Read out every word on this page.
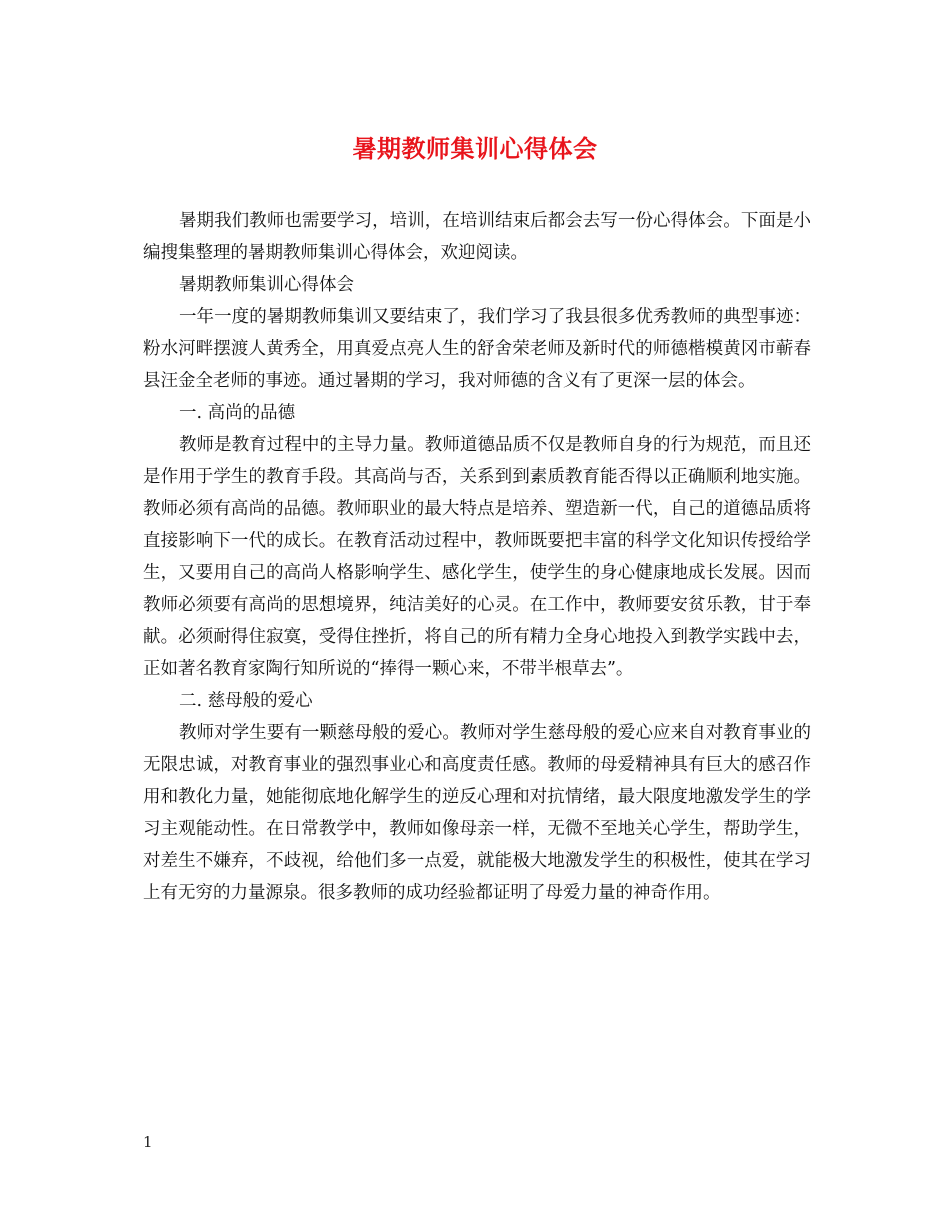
暑期教师集训心得体会

暑期我们教师也需要学习，培训，在培训结束后都会去写一份心得体会。下面是小编搜集整理的暑期教师集训心得体会，欢迎阅读。

暑期教师集训心得体会

一年一度的暑期教师集训又要结束了，我们学习了我县很多优秀教师的典型事迹：粉水河畔摆渡人黄秀全，用真爱点亮人生的舒舍荣老师及新时代的师德楷模黄冈市蕲春县汪金全老师的事迹。通过暑期的学习，我对师德的含义有了更深一层的体会。

一. 高尚的品德

教师是教育过程中的主导力量。教师道德品质不仅是教师自身的行为规范，而且还是作用于学生的教育手段。其高尚与否，关系到到素质教育能否得以正确顺利地实施。教师必须有高尚的品德。教师职业的最大特点是培养、塑造新一代，自己的道德品质将直接影响下一代的成长。在教育活动过程中，教师既要把丰富的科学文化知识传授给学生，又要用自己的高尚人格影响学生、感化学生，使学生的身心健康地成长发展。因而教师必须要有高尚的思想境界，纯洁美好的心灵。在工作中，教师要安贫乐教，甘于奉献。必须耐得住寂寞，受得住挫折，将自己的所有精力全身心地投入到教学实践中去，正如著名教育家陶行知所说的“捧得一颗心来，不带半根草去”。

二. 慈母般的爱心

教师对学生要有一颗慈母般的爱心。教师对学生慈母般的爱心应来自对教育事业的无限忠诚，对教育事业的强烈事业心和高度责任感。教师的母爱精神具有巨大的感召作用和教化力量，她能彻底地化解学生的逆反心理和对抗情绪，最大限度地激发学生的学习主观能动性。在日常教学中，教师如像母亲一样，无微不至地关心学生，帮助学生，对差生不嫌弃，不歧视，给他们多一点爱，就能极大地激发学生的积极性，使其在学习上有无穷的力量源泉。很多教师的成功经验都证明了母爱力量的神奇作用。

1
